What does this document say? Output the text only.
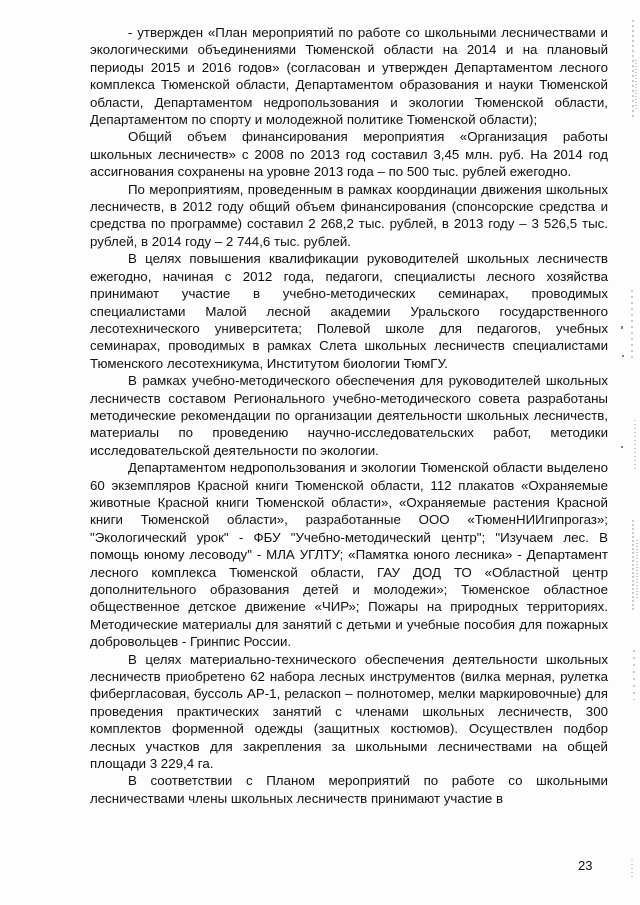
- утвержден «План мероприятий по работе со школьными лесничествами и экологическими объединениями Тюменской области на 2014 и на плановый периоды 2015 и 2016 годов» (согласован и утвержден Департаментом лесного комплекса Тюменской области, Департаментом образования и науки Тюменской области, Департаментом недропользования и экологии Тюменской области, Департаментом по спорту и молодежной политике Тюменской области);

Общий объем финансирования мероприятия «Организация работы школьных лесничеств» с 2008 по 2013 год составил 3,45 млн. руб. На 2014 год ассигнования сохранены на уровне 2013 года – по 500 тыс. рублей ежегодно.

По мероприятиям, проведенным в рамках координации движения школьных лесничеств, в 2012 году общий объем финансирования (спонсорские средства и средства по программе) составил 2 268,2 тыс. рублей, в 2013 году – 3 526,5 тыс. рублей, в 2014 году – 2 744,6 тыс. рублей.

В целях повышения квалификации руководителей школьных лесничеств ежегодно, начиная с 2012 года, педагоги, специалисты лесного хозяйства принимают участие в учебно-методических семинарах, проводимых специалистами Малой лесной академии Уральского государственного лесотехнического университета; Полевой школе для педагогов, учебных семинарах, проводимых в рамках Слета школьных лесничеств специалистами Тюменского лесотехникума, Институтом биологии ТюмГУ.

В рамках учебно-методического обеспечения для руководителей школьных лесничеств составом Регионального учебно-методического совета разработаны методические рекомендации по организации деятельности школьных лесничеств, материалы по проведению научно-исследовательских работ, методики исследовательской деятельности по экологии.

Департаментом недропользования и экологии Тюменской области выделено 60 экземпляров Красной книги Тюменской области, 112 плакатов «Охраняемые животные Красной книги Тюменской области», «Охраняемые растения Красной книги Тюменской области», разработанные ООО «ТюменНИИгипрогаз»; "Экологический урок" - ФБУ "Учебно-методический центр"; "Изучаем лес. В помощь юному лесоводу" - МЛА УГЛТУ; «Памятка юного лесника» - Департамент лесного комплекса Тюменской области, ГАУ ДОД ТО «Областной центр дополнительного образования детей и молодежи»; Тюменское областное общественное детское движение «ЧИР»; Пожары на природных территориях. Методические материалы для занятий с детьми и учебные пособия для пожарных добровольцев - Гринпис России.

В целях материально-технического обеспечения деятельности школьных лесничеств приобретено 62 набора лесных инструментов (вилка мерная, рулетка фибергласовая, буссоль АР-1, реласкоп – полнотомер, мелки маркировочные) для проведения практических занятий с членами школьных лесничеств, 300 комплектов форменной одежды (защитных костюмов). Осуществлен подбор лесных участков для закрепления за школьными лесничествами на общей площади 3 229,4 га.

В соответствии с Планом мероприятий по работе со школьными лесничествами члены школьных лесничеств принимают участие в

23
